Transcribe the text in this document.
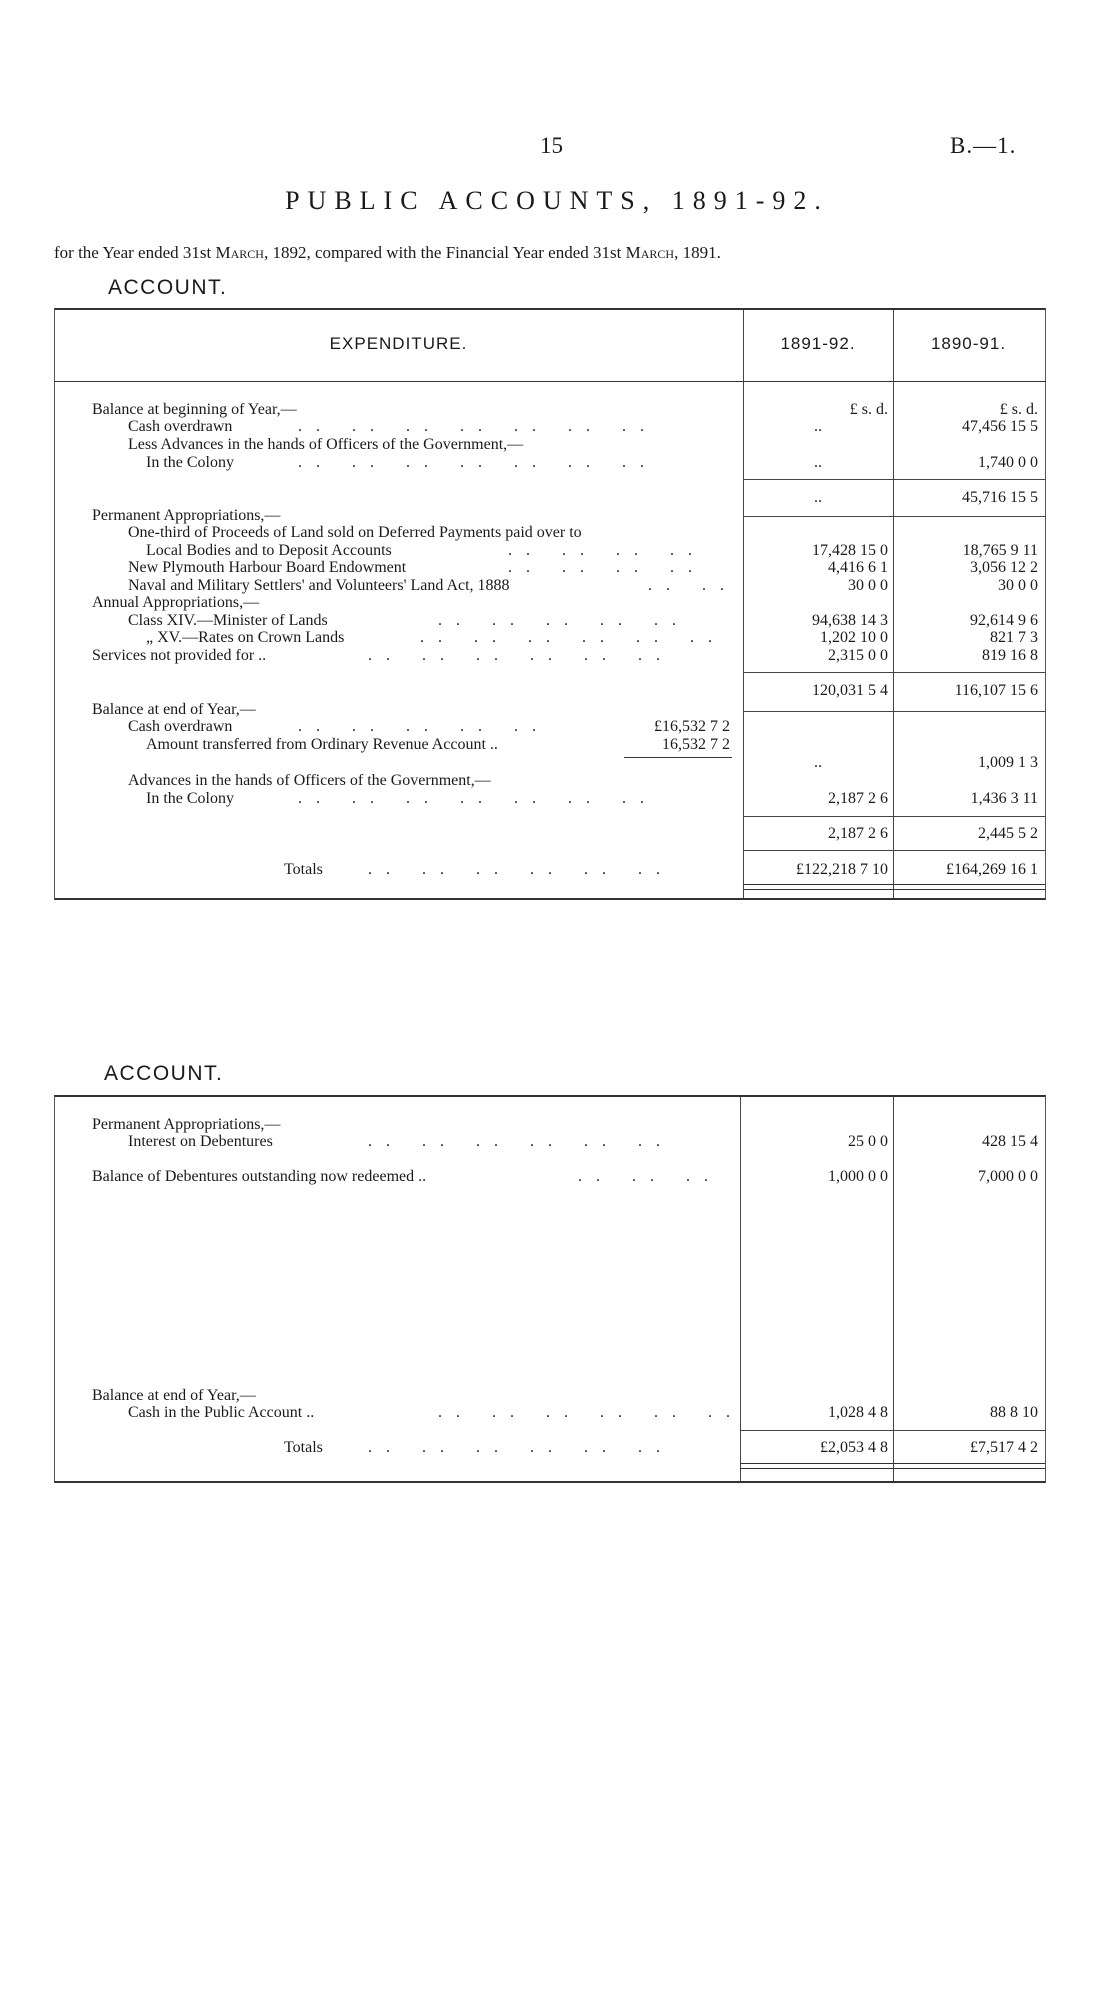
15	B.—1.
PUBLIC ACCOUNTS, 1891-92.
for the Year ended 31st March, 1892, compared with the Financial Year ended 31st March, 1891.
ACCOUNT.
EXPENDITURE.	1891-92.	1890-91.
£ s. d.	£ s. d.
Balance at beginning of Year,—
Cash overdrawn	.. .. .. .. .. .. ..	..	47,456 15 5
Less Advances in the hands of Officers of the Government,—
In the Colony	.. .. .. .. .. .. ..	..	1,740 0 0
..	45,716 15 5
Permanent Appropriations,—
One-third of Proceeds of Land sold on Deferred Payments paid over to
Local Bodies and to Deposit Accounts	.. .. .. ..	17,428 15 0	18,765 9 11
New Plymouth Harbour Board Endowment	.. .. .. ..	4,416 6 1	3,056 12 2
Naval and Military Settlers' and Volunteers' Land Act, 1888	.. ..	30 0 0	30 0 0
Annual Appropriations,—
Class XIV.—Minister of Lands	.. .. .. .. ..	94,638 14 3	92,614 9 6
„ XV.—Rates on Crown Lands	.. .. .. .. .. ..	1,202 10 0	821 7 3
Services not provided for ..	.. .. .. .. .. ..	2,315 0 0	819 16 8
120,031 5 4	116,107 15 6
Balance at end of Year,—
Cash overdrawn	.. .. .. .. ..	£16,532 7 2
Amount transferred from Ordinary Revenue Account ..	16,532 7 2
..	1,009 1 3
Advances in the hands of Officers of the Government,—
In the Colony	.. .. .. .. .. .. ..	2,187 2 6	1,436 3 11
2,187 2 6	2,445 5 2
Totals	.. .. .. .. .. ..	£122,218 7 10	£164,269 16 1
ACCOUNT.
Permanent Appropriations,—
Interest on Debentures	.. .. .. .. .. ..	25 0 0	428 15 4
Balance of Debentures outstanding now redeemed ..	.. .. ..	1,000 0 0	7,000 0 0
Balance at end of Year,—
Cash in the Public Account ..	.. .. .. .. .. ..	1,028 4 8	88 8 10
Totals	.. .. .. .. .. ..	£2,053 4 8	£7,517 4 2
